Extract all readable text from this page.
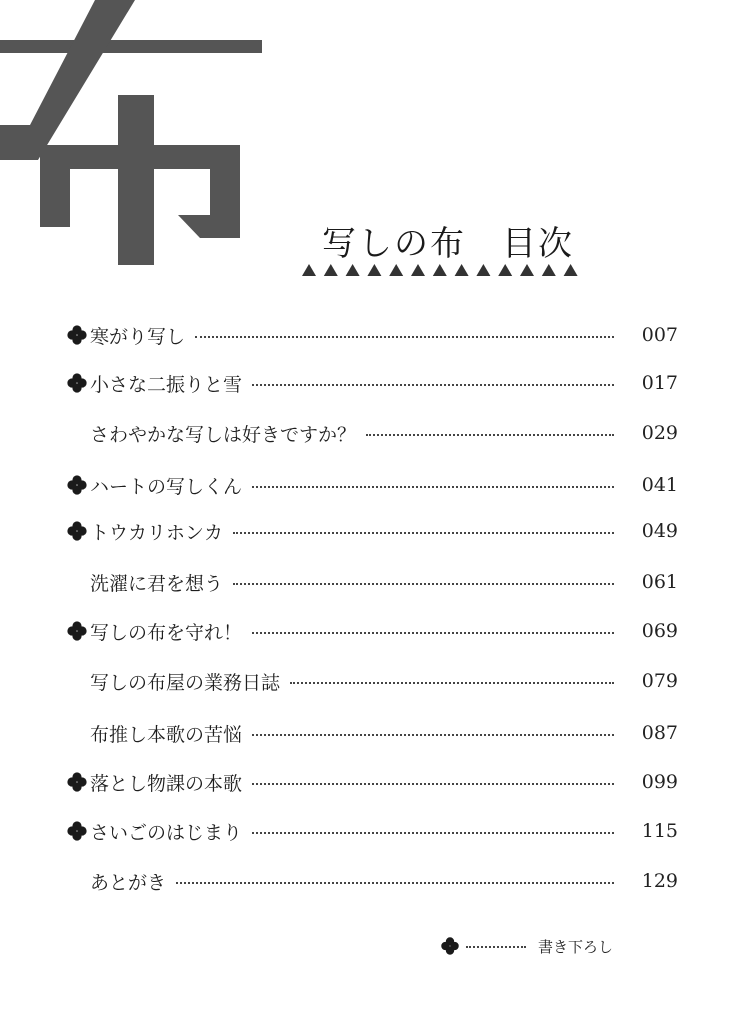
写しの布　目次
寒がり写し	007
小さな二振りと雪	017
さわやかな写しは好きですか？	029
ハートの写しくん	041
トウカリホンカ	049
洗濯に君を想う	061
写しの布を守れ！	069
写しの布屋の業務日誌	079
布推し本歌の苦悩	087
落とし物課の本歌	099
さいごのはじまり	115
あとがき	129
書き下ろし
